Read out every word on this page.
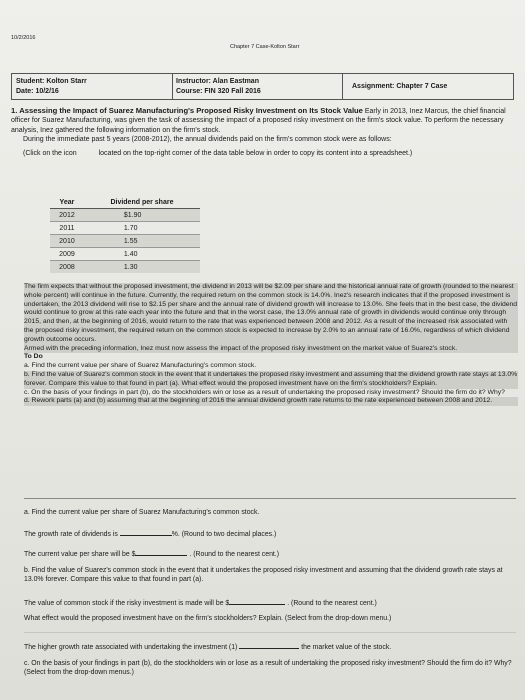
10/2/2016
Chapter 7 Case-Kolton Starr
Student: Kolton Starr
Date: 10/2/16
Instructor: Alan Eastman
Course: FIN 320 Fall 2016
Assignment: Chapter 7 Case

1. Assessing the Impact of Suarez Manufacturing's Proposed Risky Investment on Its Stock Value Early in 2013, Inez Marcus, the chief financial officer for Suarez Manufacturing, was given the task of assessing the impact of a proposed risky investment on the firm's stock value. To perform the necessary analysis, Inez gathered the following information on the firm's stock.

During the immediate past 5 years (2008-2012), the annual dividends paid on the firm's common stock were as follows:

(Click on the icon	located on the top-right corner of the data table below in order to copy its content into a spreadsheet.)

Year	Dividend per share
2012	$1.90
2011	1.70
2010	1.55
2009	1.40
2008	1.30

The firm expects that without the proposed investment, the dividend in 2013 will be $2.09 per share and the historical annual rate of growth (rounded to the nearest whole percent) will continue in the future. Currently, the required return on the common stock is 14.0%. Inez's research indicates that if the proposed investment is undertaken, the 2013 dividend will rise to $2.15 per share and the annual rate of dividend growth will increase to 13.0%. She feels that in the best case, the dividend would continue to grow at this rate each year into the future and that in the worst case, the 13.0% annual rate of growth in dividends would continue only through 2015, and then, at the beginning of 2016, would return to the rate that was experienced between 2008 and 2012. As a result of the increased risk associated with the proposed risky investment, the required return on the common stock is expected to increase by 2.0% to an annual rate of 16.0%, regardless of which dividend growth outcome occurs.

Armed with the preceding information, Inez must now assess the impact of the proposed risky investment on the market value of Suarez's stock.

To Do

a. Find the current value per share of Suarez Manufacturing's common stock.

b. Find the value of Suarez's common stock in the event that it undertakes the proposed risky investment and assuming that the dividend growth rate stays at 13.0% forever. Compare this value to that found in part (a). What effect would the proposed investment have on the firm's stockholders? Explain.

c. On the basis of your findings in part (b), do the stockholders win or lose as a result of undertaking the proposed risky investment? Should the firm do it? Why?

d. Rework parts (a) and (b) assuming that at the beginning of 2016 the annual dividend growth rate returns to the rate experienced between 2008 and 2012.

a. Find the current value per share of Suarez Manufacturing's common stock.
The growth rate of dividends is	%. (Round to two decimal places.)
The current value per share will be $	. (Round to the nearest cent.)
b. Find the value of Suarez's common stock in the event that it undertakes the proposed risky investment and assuming that the dividend growth rate stays at 13.0% forever. Compare this value to that found in part (a).
The value of common stock if the risky investment is made will be $	. (Round to the nearest cent.)
What effect would the proposed investment have on the firm's stockholders? Explain. (Select from the drop-down menu.)
The higher growth rate associated with undertaking the investment (1)	the market value of the stock.
c. On the basis of your findings in part (b), do the stockholders win or lose as a result of undertaking the proposed risky investment? Should the firm do it? Why? (Select from the drop-down menus.)
